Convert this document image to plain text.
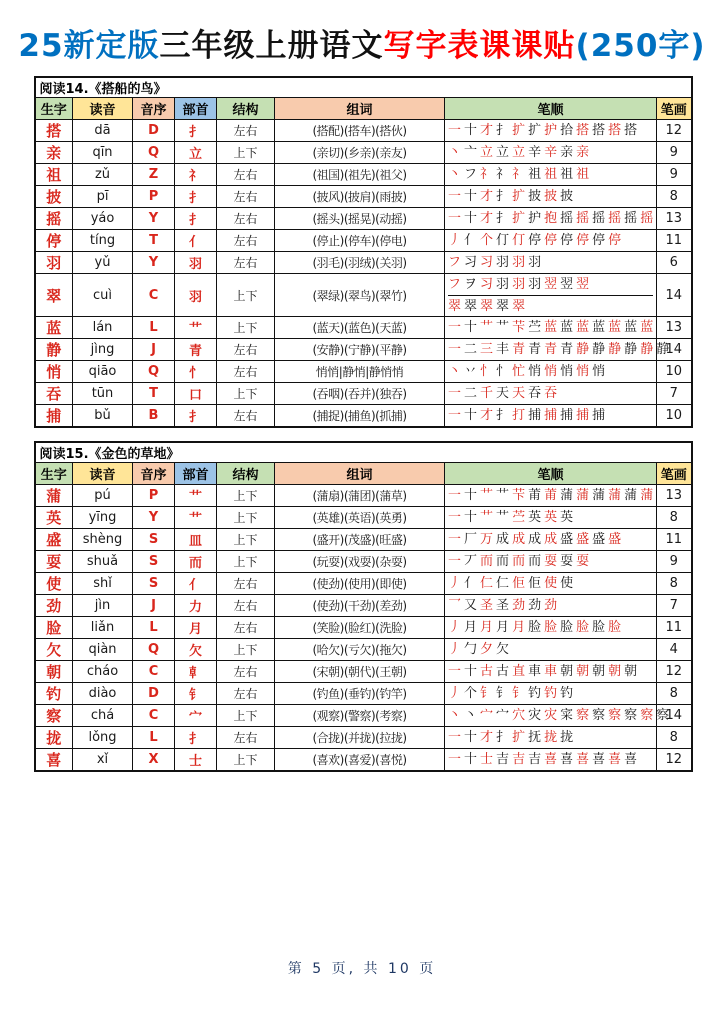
25新定版三年级上册语文写字表课课贴(250字)
阅读14.《搭船的鸟》							
生字	读音	音序	部首	结构	组词	笔顺	笔画
搭	dā	D	扌	左右	(搭配)(搭车)(搭伙)	一 十 才 扌 扩 扩 护 拾 搭 搭 搭 搭	12
亲	qīn	Q	立	上下	(亲切)(乡亲)(亲友)	丶 亠 立 立 立 辛 辛 亲 亲	9
祖	zǔ	Z	礻	左右	(祖国)(祖先)(祖父)	丶 フ 礻 礻 礻 祖 祖 祖 祖	9
披	pī	P	扌	左右	(披风)(披肩)(雨披)	一 十 才 扌 扩 披 披 披	8
摇	yáo	Y	扌	左右	(摇头)(摇晃)(动摇)	一 十 才 扌 扩 护 抱 摇 摇 摇 摇 摇 摇	13
停	tíng	T	亻	左右	(停止)(停车)(停电)	丿 亻 个 仃 仃 停 停 停 停 停 停	11
羽	yǔ	Y	羽	左右	(羽毛)(羽绒)(关羽)	フ 习 习 羽 羽 羽	6
翠	cuì	C	羽	上下	(翠绿)(翠鸟)(翠竹)	フ ヲ 习 羽 羽 羽 翌 翌 翌
翠 翠 翠 翠 翠	14
蓝	lán	L	艹	上下	(蓝天)(蓝色)(天蓝)	一 十 艹 艹 芐 苎 蓝 蓝 蓝 蓝 蓝 蓝 蓝	13
静	jìng	J	青	左右	(安静)(宁静)(平静)	一 二 三 丰 青 青 青 青 静 静 静 静 静 静	14
悄	qiāo	Q	忄	左右	悄悄|静悄|静悄悄	丶 丷 忄 忄 忙 悄 悄 悄 悄 悄	10
吞	tūn	T	口	上下	(吞咽)(吞并)(独吞)	一 二 千 天 天 吞 吞	7
捕	bǔ	B	扌	左右	(捕捉)(捕鱼)(抓捕)	一 十 才 扌 打 捕 捕 捕 捕 捕	10
阅读15.《金色的草地》							
生字	读音	音序	部首	结构	组词	笔顺	笔画
蒲	pú	P	艹	上下	(蒲扇)(蒲团)(蒲草)	一 十 艹 艹 芐 莆 莆 蒲 蒲 蒲 蒲 蒲 蒲	13
英	yīng	Y	艹	上下	(英雄)(英语)(英勇)	一 十 艹 艹 苎 英 英 英	8
盛	shèng	S	皿	上下	(盛开)(茂盛)(旺盛)	一 厂 万 成 成 成 成 盛 盛 盛 盛	11
耍	shuǎ	S	而	上下	(玩耍)(戏耍)(杂耍)	一 丆 而 而 而 而 耍 耍 耍	9
使	shǐ	S	亻	左右	(使劲)(使用)(即使)	丿 亻 仁 仁 佢 佢 使 使	8
劲	jìn	J	力	左右	(使劲)(干劲)(差劲)	乛 又 圣 圣 劲 劲 劲	7
脸	liǎn	L	月	左右	(笑脸)(脸红)(洗脸)	丿 月 月 月 月 脸 脸 脸 脸 脸 脸	11
欠	qiàn	Q	欠	上下	(哈欠)(亏欠)(拖欠)	丿 勹 夕 欠	4
朝	cháo	C	龺	左右	(宋朝)(朝代)(王朝)	一 十 古 古 直 車 車 朝 朝 朝 朝 朝	12
钓	diào	D	钅	左右	(钓鱼)(垂钓)(钓竿)	丿 个 钅 钅 钅 钓 钓 钓	8
察	chá	C	宀	上下	(观察)(警察)(考察)	丶 丶 宀 宀 穴 灾 灾 寀 察 察 察 察 察 察	14
拢	lǒng	L	扌	左右	(合拢)(并拢)(拉拢)	一 十 才 扌 扩 抚 拢 拢	8
喜	xǐ	X	士	上下	(喜欢)(喜爱)(喜悦)	一 十 士 吉 吉 吉 喜 喜 喜 喜 喜 喜	12
第 5 页, 共 10 页
